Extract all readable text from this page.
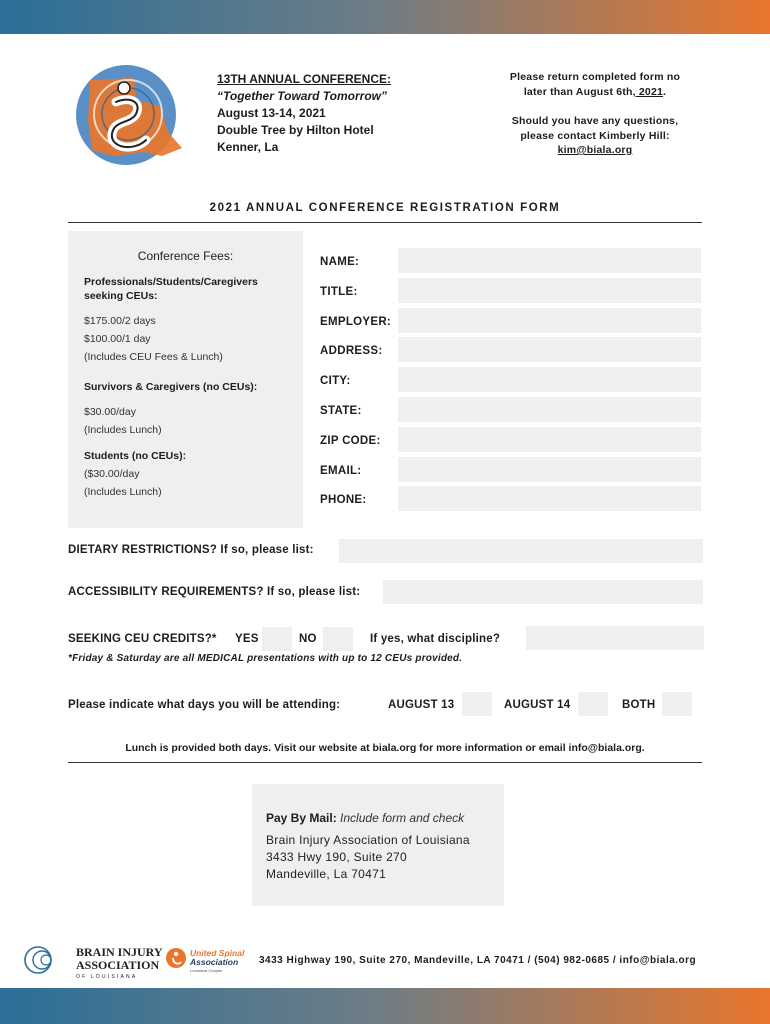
13TH ANNUAL CONFERENCE:
“Together Toward Tomorrow”
August 13-14, 2021
Double Tree by Hilton Hotel
Kenner, La
Please return completed form no
later than August 6th, 2021.
Should you have any questions,
please contact Kimberly Hill:
kim@biala.org
2021 ANNUAL CONFERENCE REGISTRATION FORM
Conference Fees:
Professionals/Students/Caregivers seeking CEUs:
$175.00/2 days
$100.00/1 day
(Includes CEU Fees & Lunch)
Survivors & Caregivers (no CEUs):
$30.00/day
(Includes Lunch)
Students (no CEUs):
($30.00/day
(Includes Lunch)
NAME:
TITLE:
EMPLOYER:
ADDRESS:
CITY:
STATE:
ZIP CODE:
EMAIL:
PHONE:
DIETARY RESTRICTIONS? If so, please list:
ACCESSIBILITY REQUIREMENTS? If so, please list:
SEEKING CEU CREDITS?* YES	NO	If yes, what discipline?
*Friday & Saturday are all MEDICAL presentations with up to 12 CEUs provided.
Please indicate what days you will be attending:	AUGUST 13	AUGUST 14	BOTH
Lunch is provided both days. Visit our website at biala.org for more information or email info@biala.org.
Pay By Mail: Include form and check
Brain Injury Association of Louisiana
3433 Hwy 190, Suite 270
Mandeville, La 70471
BRAIN INJURY
ASSOCIATION
OF LOUISIANA
United Spinal
Association
Louisiana Chapter
3433 Highway 190, Suite 270, Mandeville, LA 70471 / (504) 982-0685 / info@biala.org
